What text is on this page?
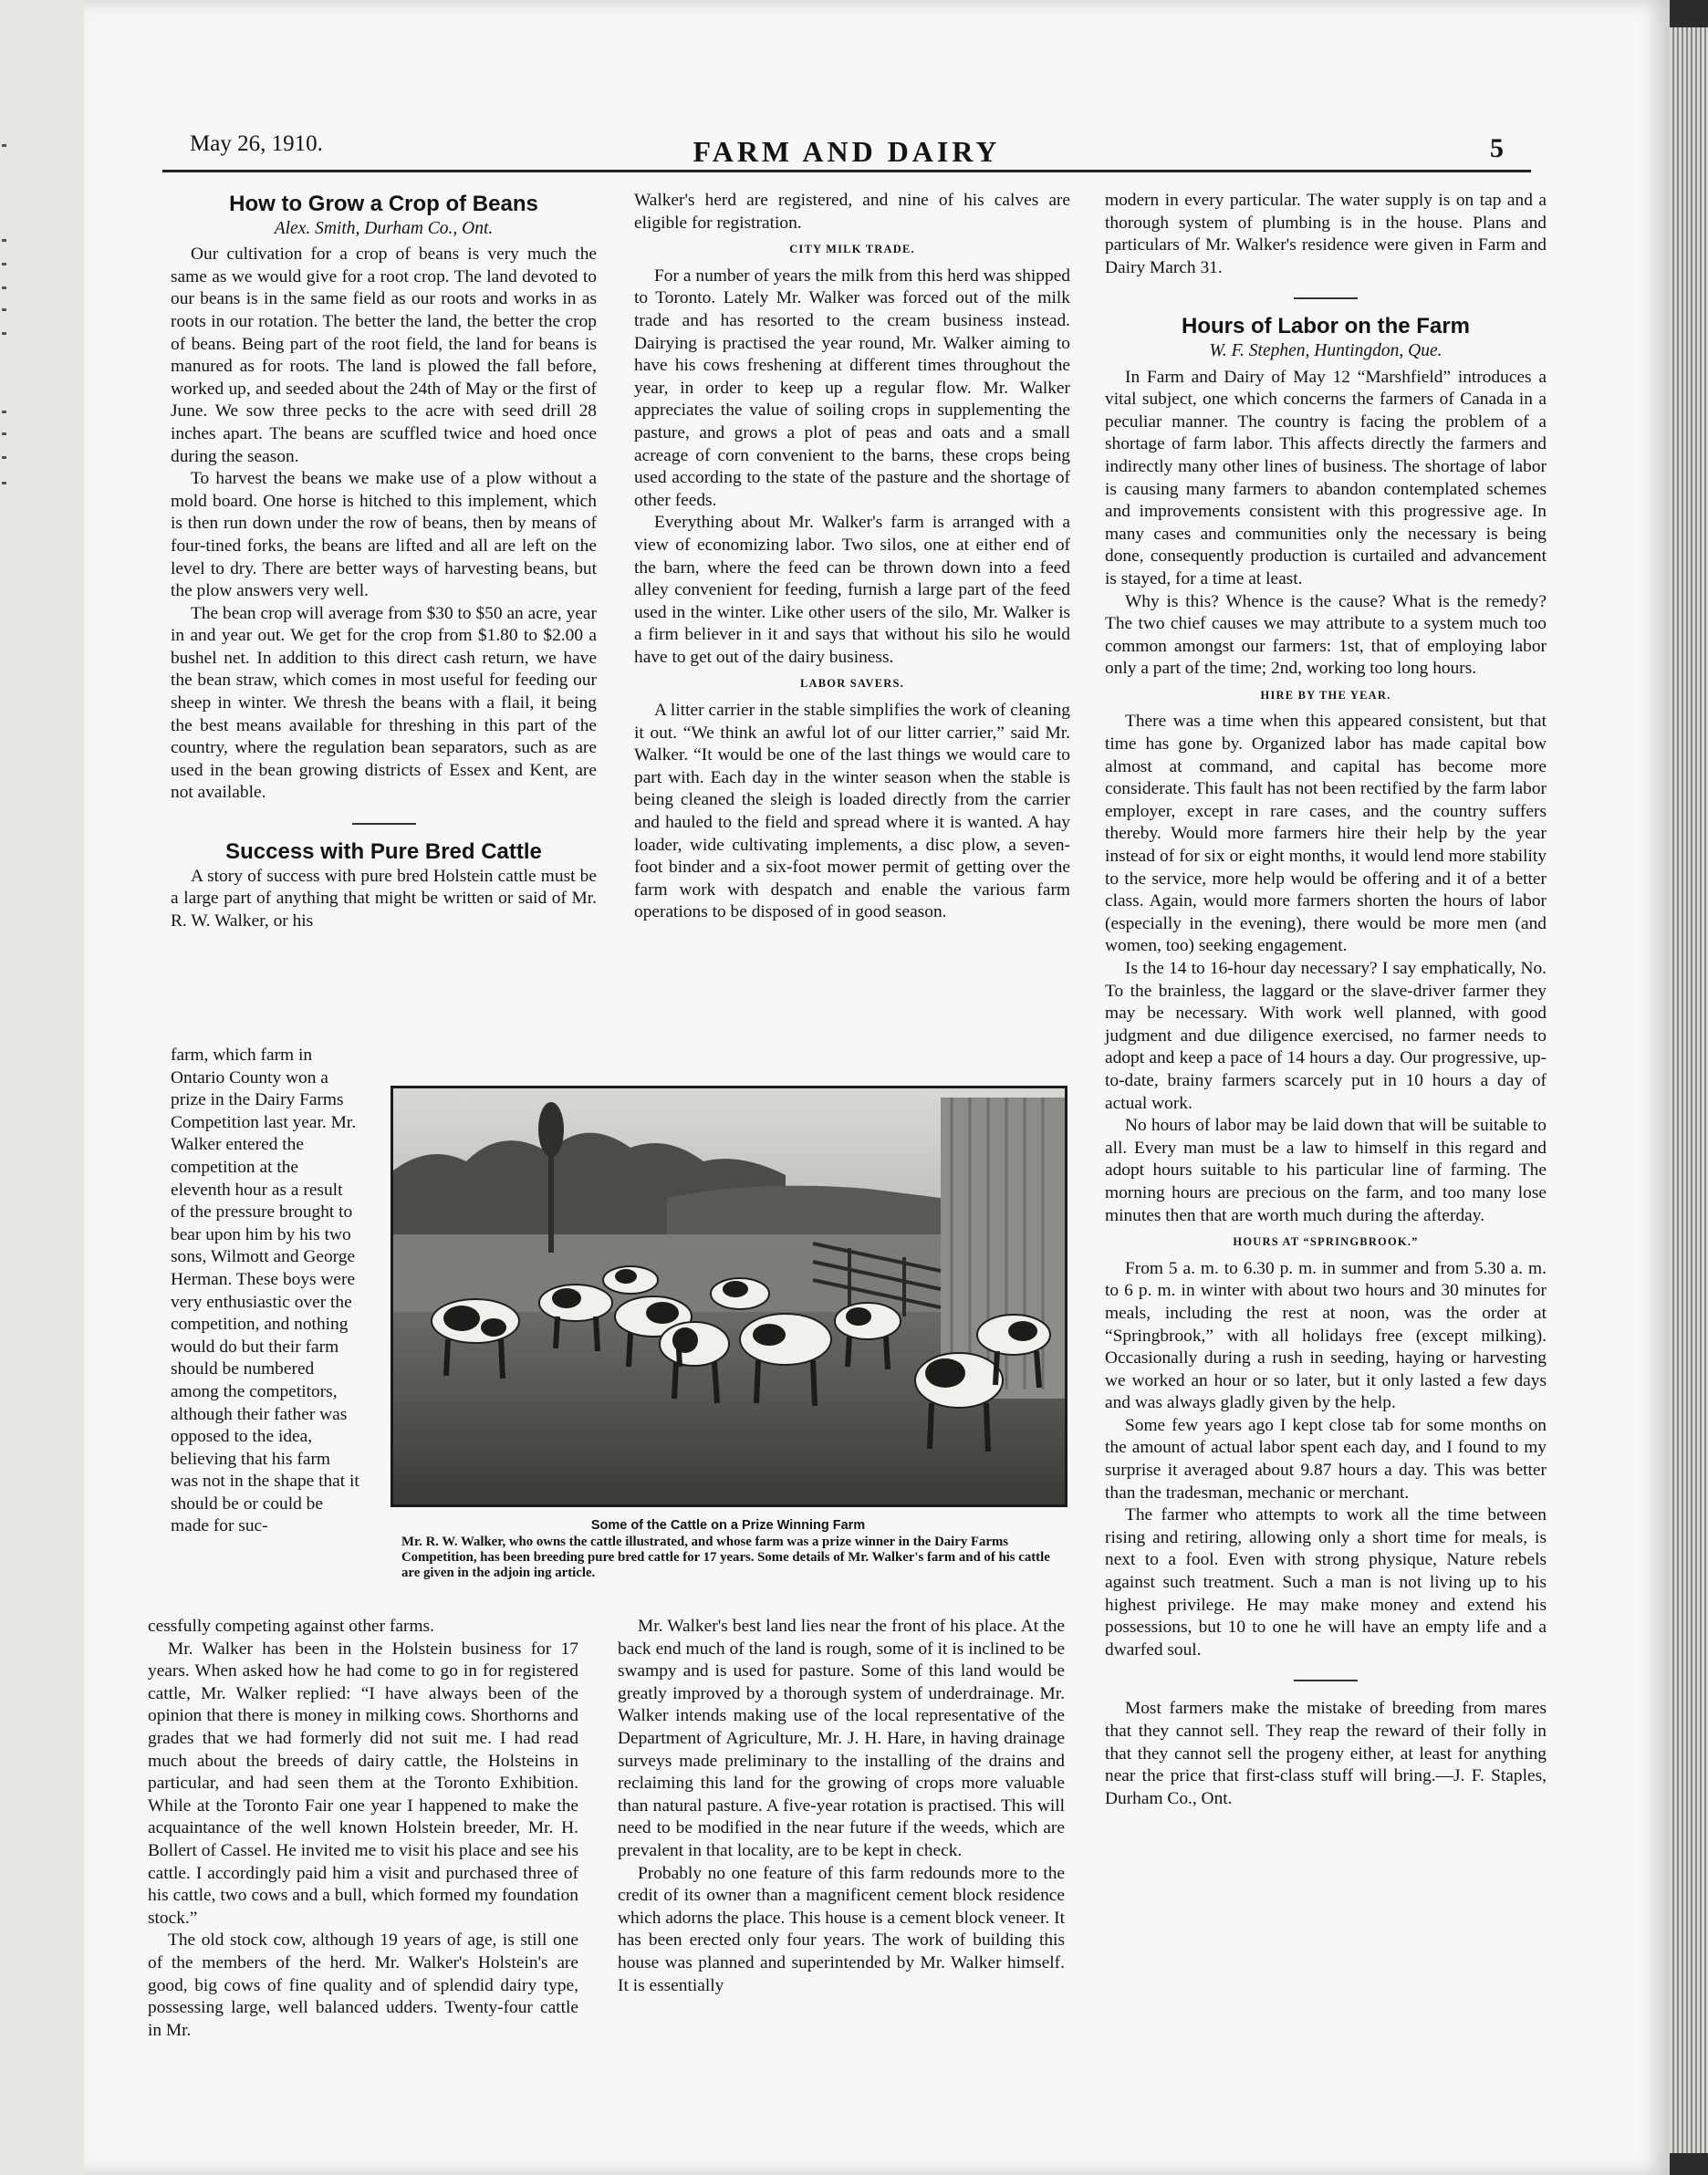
May 26, 1910.	FARM AND DAIRY	5
How to Grow a Crop of Beans
Alex. Smith, Durham Co., Ont.

Our cultivation for a crop of beans is very much the same as we would give for a root crop. The land devoted to our beans is in the same field as our roots and works in as roots in our rotation. The better the land, the better the crop of beans. Being part of the root field, the land for beans is manured as for roots. The land is plowed the fall before, worked up, and seeded about the 24th of May or the first of June. We sow three pecks to the acre with seed drill 28 inches apart. The beans are scuffled twice and hoed once during the season.

To harvest the beans we make use of a plow without a mold board. One horse is hitched to this implement, which is then run down under the row of beans, then by means of four-tined forks, the beans are lifted and all are left on the level to dry. There are better ways of harvesting beans, but the plow answers very well.

The bean crop will average from $30 to $50 an acre, year in and year out. We get for the crop from $1.80 to $2.00 a bushel net. In addition to this direct cash return, we have the bean straw, which comes in most useful for feeding our sheep in winter. We thresh the beans with a flail, it being the best means available for threshing in this part of the country, where the regulation bean separators, such as are used in the bean growing districts of Essex and Kent, are not available.

Success with Pure Bred Cattle

A story of success with pure bred Holstein cattle must be a large part of anything that might be written or said of Mr. R. W. Walker, or his

farm, which farm in Ontario County won a prize in the Dairy Farms Competition last year. Mr. Walker entered the competition at the eleventh hour as a result of the pressure brought to bear upon him by his two sons, Wilmott and George Herman. These boys were very enthusiastic over the competition, and nothing would do but their farm should be numbered among the competitors, although their father was opposed to the idea, believing that his farm was not in the shape that it should be or could be made for suc-

Walker's herd are registered, and nine of his calves are eligible for registration.

CITY MILK TRADE.

For a number of years the milk from this herd was shipped to Toronto. Lately Mr. Walker was forced out of the milk trade and has resorted to the cream business instead. Dairying is practised the year round, Mr. Walker aiming to have his cows freshening at different times throughout the year, in order to keep up a regular flow. Mr. Walker appreciates the value of soiling crops in supplementing the pasture, and grows a plot of peas and oats and a small acreage of corn convenient to the barns, these crops being used according to the state of the pasture and the shortage of other feeds.

Everything about Mr. Walker's farm is arranged with a view of economizing labor. Two silos, one at either end of the barn, where the feed can be thrown down into a feed alley convenient for feeding, furnish a large part of the feed used in the winter. Like other users of the silo, Mr. Walker is a firm believer in it and says that without his silo he would have to get out of the dairy business.

LABOR SAVERS.

A litter carrier in the stable simplifies the work of cleaning it out. “We think an awful lot of our litter carrier,” said Mr. Walker. “It would be one of the last things we would care to part with. Each day in the winter season when the stable is being cleaned the sleigh is loaded directly from the carrier and hauled to the field and spread where it is wanted. A hay loader, wide cultivating implements, a disc plow, a seven-foot binder and a six-foot mower permit of getting over the farm work with despatch and enable the various farm operations to be disposed of in good season.

Some of the Cattle on a Prize Winning Farm
Mr. R. W. Walker, who owns the cattle illustrated, and whose farm was a prize winner in the Dairy Farms Competition, has been breeding pure bred cattle for 17 years. Some details of Mr. Walker's farm and of his cattle are given in the adjoin ing article.

cessfully competing against other farms.

Mr. Walker has been in the Holstein business for 17 years. When asked how he had come to go in for registered cattle, Mr. Walker replied: “I have always been of the opinion that there is money in milking cows. Shorthorns and grades that we had formerly did not suit me. I had read much about the breeds of dairy cattle, the Holsteins in particular, and had seen them at the Toronto Exhibition. While at the Toronto Fair one year I happened to make the acquaintance of the well known Holstein breeder, Mr. H. Bollert of Cassel. He invited me to visit his place and see his cattle. I accordingly paid him a visit and purchased three of his cattle, two cows and a bull, which formed my foundation stock.”

The old stock cow, although 19 years of age, is still one of the members of the herd. Mr. Walker's Holstein's are good, big cows of fine quality and of splendid dairy type, possessing large, well balanced udders. Twenty-four cattle in Mr.

Mr. Walker's best land lies near the front of his place. At the back end much of the land is rough, some of it is inclined to be swampy and is used for pasture. Some of this land would be greatly improved by a thorough system of underdrainage. Mr. Walker intends making use of the local representative of the Department of Agriculture, Mr. J. H. Hare, in having drainage surveys made preliminary to the installing of the drains and reclaiming this land for the growing of crops more valuable than natural pasture. A five-year rotation is practised. This will need to be modified in the near future if the weeds, which are prevalent in that locality, are to be kept in check.

Probably no one feature of this farm redounds more to the credit of its owner than a magnificent cement block residence which adorns the place. This house is a cement block veneer. It has been erected only four years. The work of building this house was planned and superintended by Mr. Walker himself. It is essentially

modern in every particular. The water supply is on tap and a thorough system of plumbing is in the house. Plans and particulars of Mr. Walker's residence were given in Farm and Dairy March 31.

Hours of Labor on the Farm
W. F. Stephen, Huntingdon, Que.

In Farm and Dairy of May 12 “Marshfield” introduces a vital subject, one which concerns the farmers of Canada in a peculiar manner. The country is facing the problem of a shortage of farm labor. This affects directly the farmers and indirectly many other lines of business. The shortage of labor is causing many farmers to abandon contemplated schemes and improvements consistent with this progressive age. In many cases and communities only the necessary is being done, consequently production is curtailed and advancement is stayed, for a time at least.

Why is this? Whence is the cause? What is the remedy? The two chief causes we may attribute to a system much too common amongst our farmers: 1st, that of employing labor only a part of the time; 2nd, working too long hours.

HIRE BY THE YEAR.

There was a time when this appeared consistent, but that time has gone by. Organized labor has made capital bow almost at command, and capital has become more considerate. This fault has not been rectified by the farm labor employer, except in rare cases, and the country suffers thereby. Would more farmers hire their help by the year instead of for six or eight months, it would lend more stability to the service, more help would be offering and it of a better class. Again, would more farmers shorten the hours of labor (especially in the evening), there would be more men (and women, too) seeking engagement.

Is the 14 to 16-hour day necessary? I say emphatically, No. To the brainless, the laggard or the slave-driver farmer they may be necessary. With work well planned, with good judgment and due diligence exercised, no farmer needs to adopt and keep a pace of 14 hours a day. Our progressive, up-to-date, brainy farmers scarcely put in 10 hours a day of actual work.

No hours of labor may be laid down that will be suitable to all. Every man must be a law to himself in this regard and adopt hours suitable to his particular line of farming. The morning hours are precious on the farm, and too many lose minutes then that are worth much during the afterday.

HOURS AT “SPRINGBROOK.”

From 5 a. m. to 6.30 p. m. in summer and from 5.30 a. m. to 6 p. m. in winter with about two hours and 30 minutes for meals, including the rest at noon, was the order at “Springbrook,” with all holidays free (except milking). Occasionally during a rush in seeding, haying or harvesting we worked an hour or so later, but it only lasted a few days and was always gladly given by the help.

Some few years ago I kept close tab for some months on the amount of actual labor spent each day, and I found to my surprise it averaged about 9.87 hours a day. This was better than the tradesman, mechanic or merchant.

The farmer who attempts to work all the time between rising and retiring, allowing only a short time for meals, is next to a fool. Even with strong physique, Nature rebels against such treatment. Such a man is not living up to his highest privilege. He may make money and extend his possessions, but 10 to one he will have an empty life and a dwarfed soul.

Most farmers make the mistake of breeding from mares that they cannot sell. They reap the reward of their folly in that they cannot sell the progeny either, at least for anything near the price that first-class stuff will bring.—J. F. Staples, Durham Co., Ont.
